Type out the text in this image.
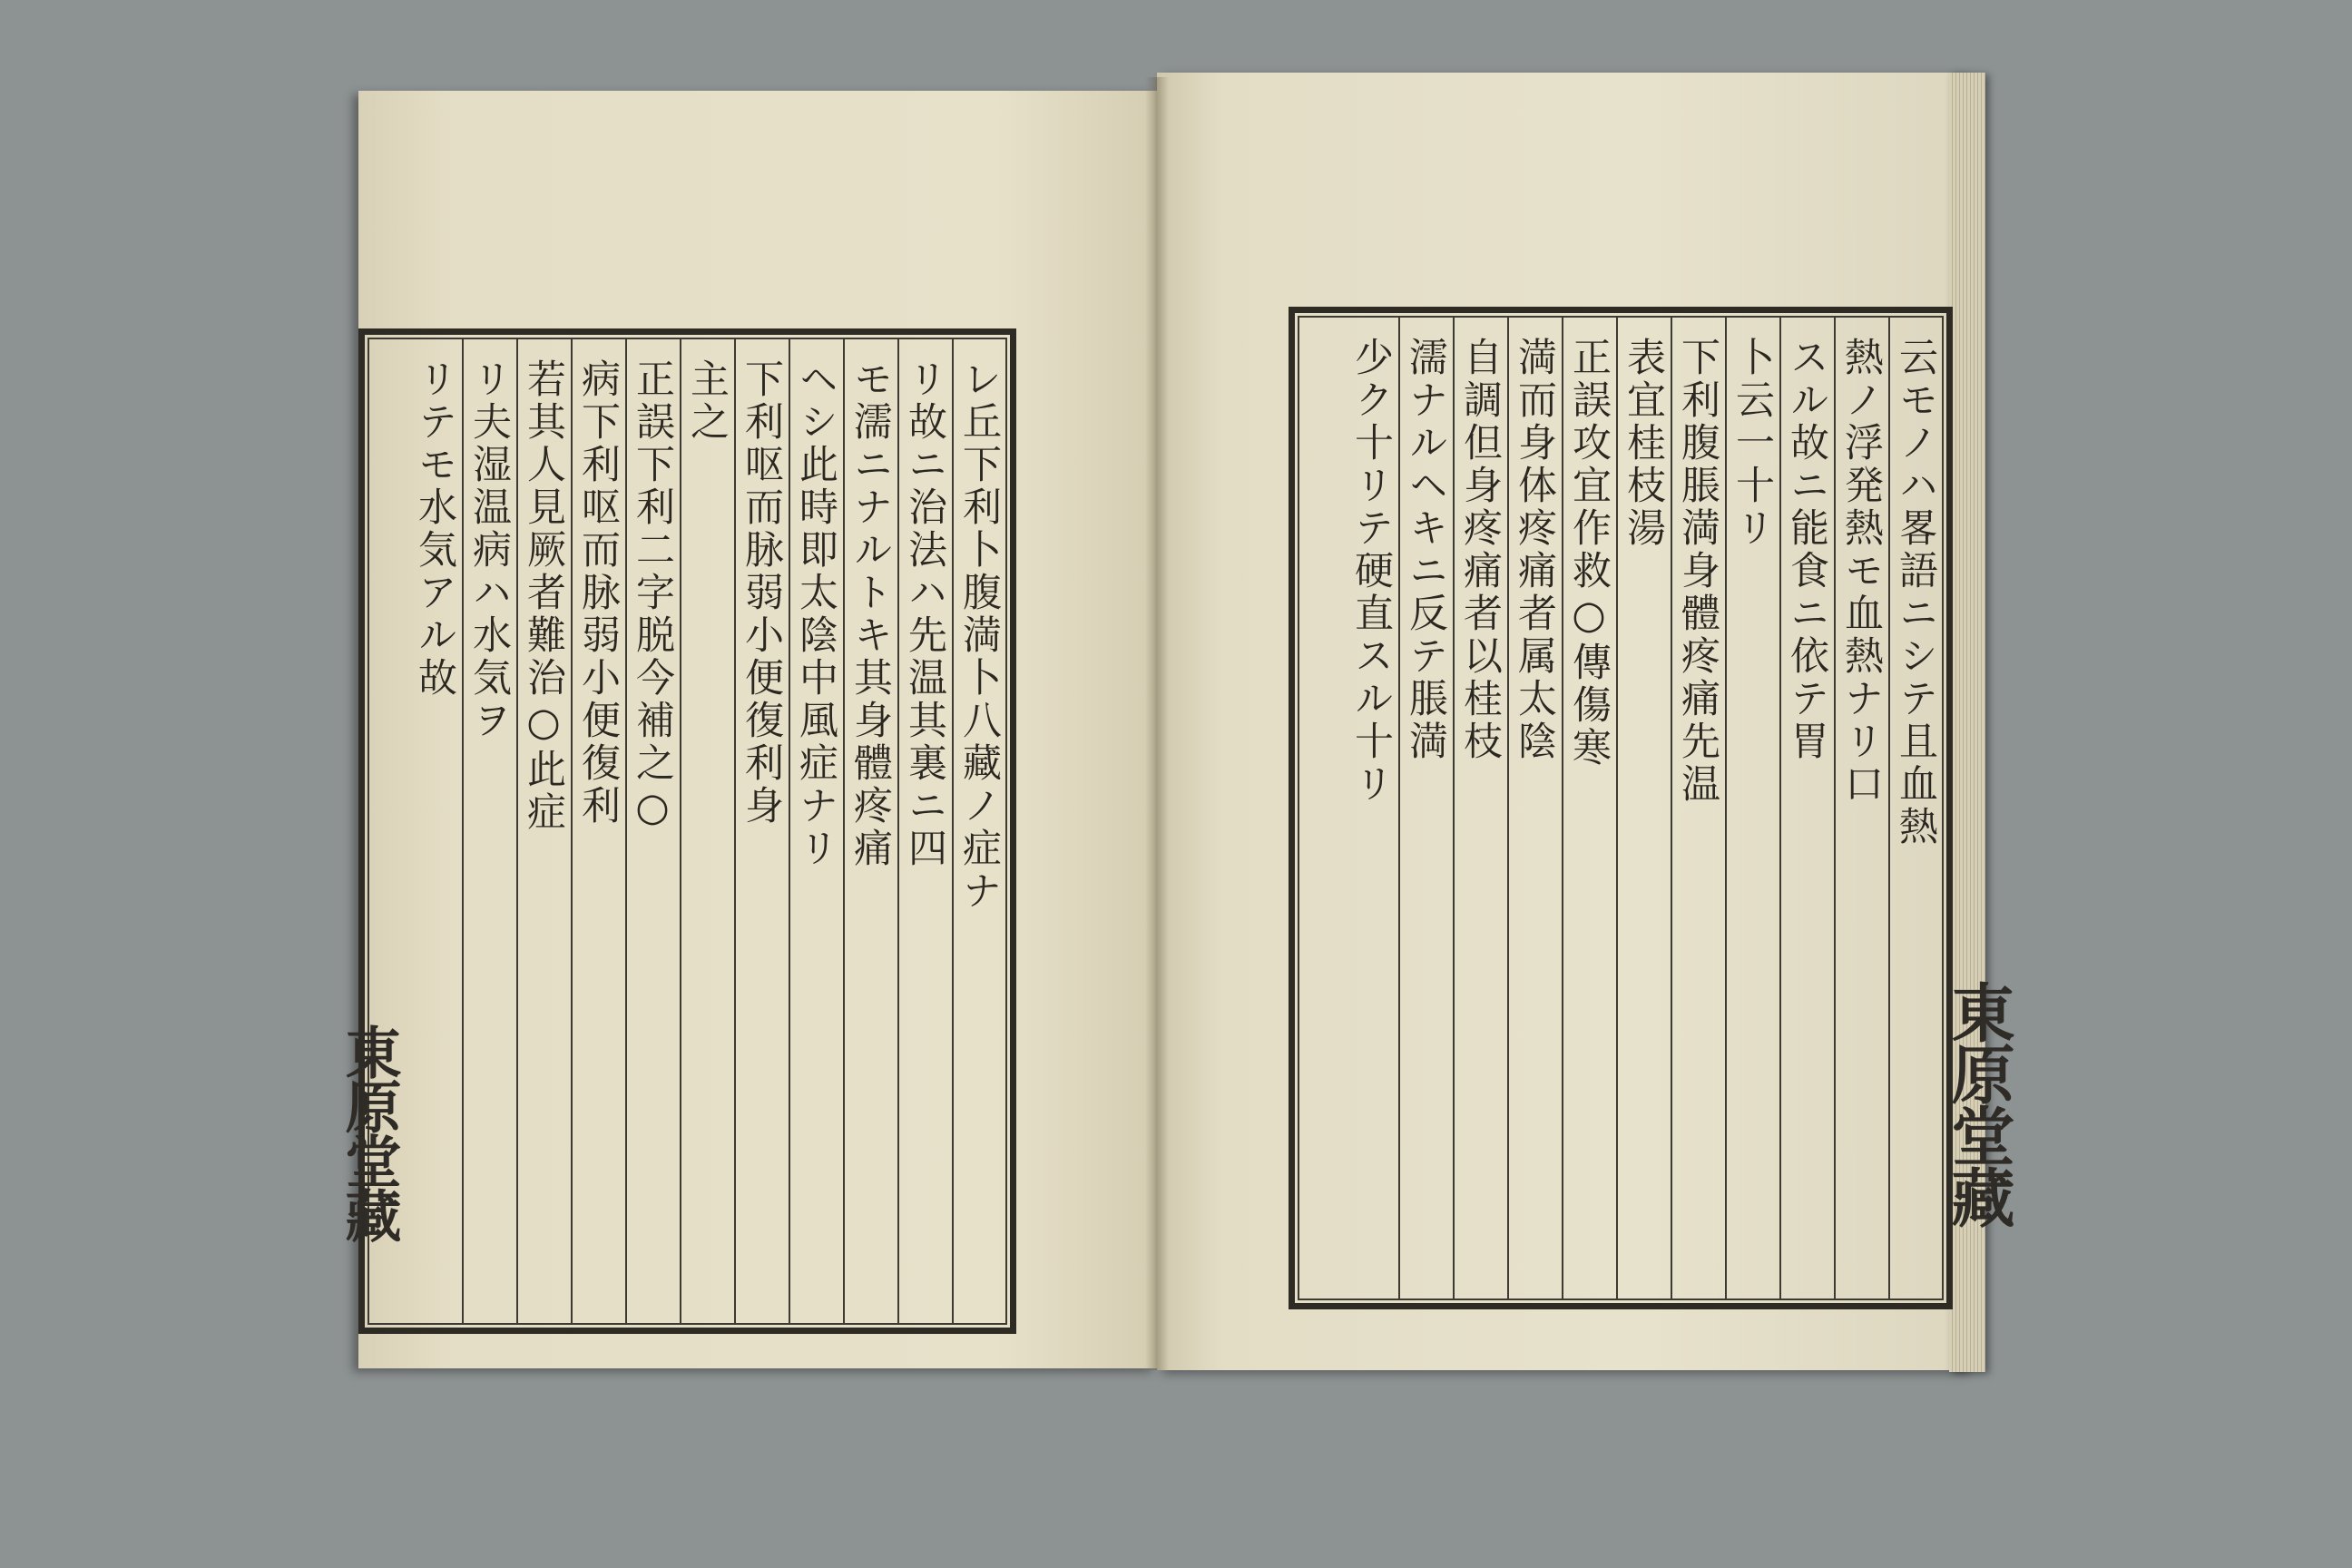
レ丘下利卜腹満卜八藏ノ症ナ
リ故ニ治法ハ先温其裏ニ四
モ濡ニナルトキ其身體疼痛
ヘシ此時即太陰中風症ナリ
下利呕而脉弱小便復利身
主之
正誤下利二字脱今補之○
病下利呕而脉弱小便復利
若其人見厥者難治○此症
リ夫湿温病ハ水気ヲ
リテモ水気アル故	云モノハ畧語ニシテ且血熱
熱ノ浮発熱モ血熱ナリ口
スル故ニ能食ニ依テ胃
卜云一十リ
下利腹脹満身體疼痛先温
表宜桂枝湯
正誤攻宜作救○傳傷寒
満而身体疼痛者属太陰
自調但身疼痛者以桂枝
濡ナルヘキニ反テ脹満
少ク十リテ硬直スル十リ
東原堂藏	東原堂藏
